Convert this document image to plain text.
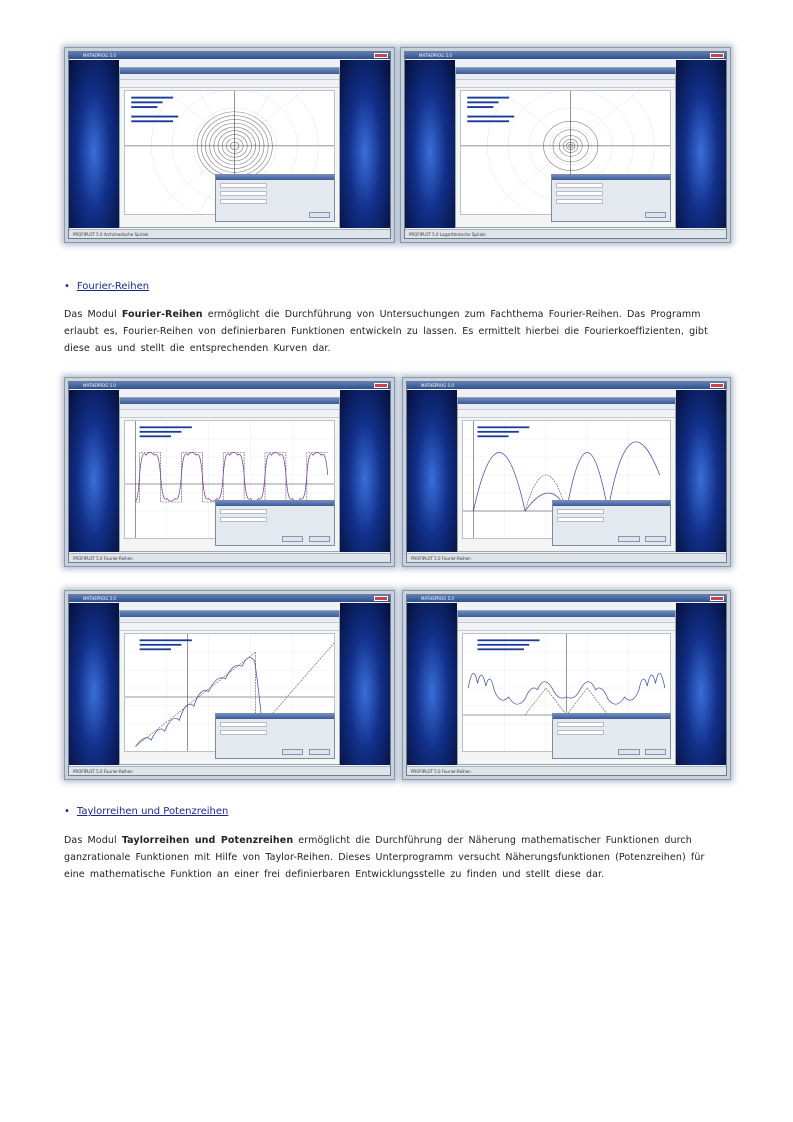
MATHEPROG 5.0
PROFIPLOT 5.0 Archimedische Spirale
MATHEPROG 5.0
PROFIPLOT 5.0 Logarithmische Spirale
• Fourier-Reihen

Das Modul Fourier-Reihen ermöglicht die Durchführung von Untersuchungen zum Fachthema Fourier-Reihen. Das Programm erlaubt es, Fourier-Reihen von definierbaren Funktionen entwickeln zu lassen. Es ermittelt hierbei die Fourierkoeffizienten, gibt diese aus und stellt die entsprechenden Kurven dar.

MATHEPROG 5.0
PROFIPLOT 5.0 Fourier-Reihen
MATHEPROG 5.0
PROFIPLOT 5.0 Fourier-Reihen
MATHEPROG 5.0
PROFIPLOT 5.0 Fourier-Reihen
MATHEPROG 5.0
PROFIPLOT 5.0 Fourier-Reihen
• Taylorreihen und Potenzreihen

Das Modul Taylorreihen und Potenzreihen ermöglicht die Durchführung der Näherung mathematischer Funktionen durch ganzrationale Funktionen mit Hilfe von Taylor-Reihen. Dieses Unterprogramm versucht Näherungsfunktionen (Potenzreihen) für eine mathematische Funktion an einer frei definierbaren Entwicklungsstelle zu finden und stellt diese dar.
